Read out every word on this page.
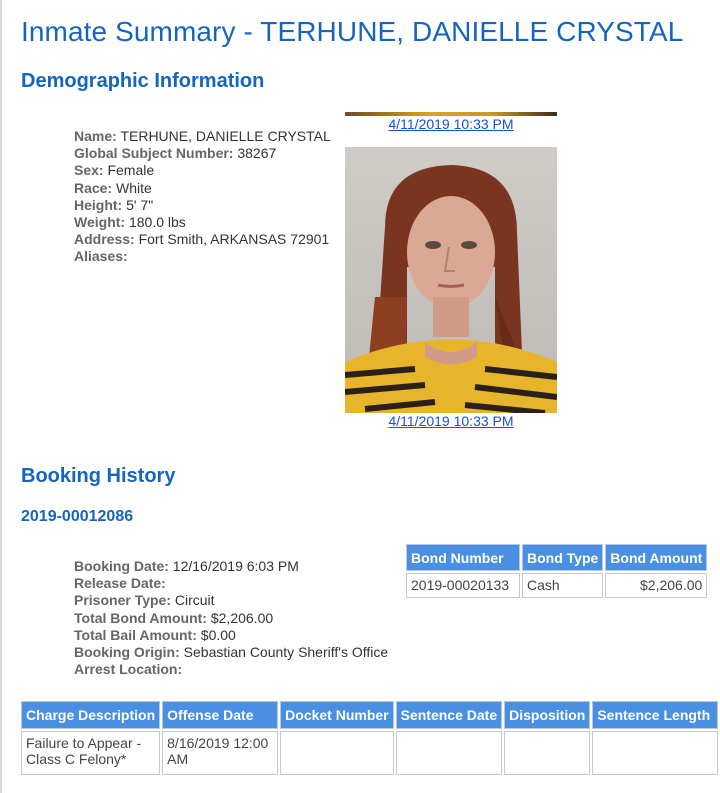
Inmate Summary - TERHUNE, DANIELLE CRYSTAL
Demographic Information
Name: TERHUNE, DANIELLE CRYSTAL
Global Subject Number: 38267
Sex: Female
Race: White
Height: 5' 7"
Weight: 180.0 lbs
Address: Fort Smith, ARKANSAS 72901
Aliases:
4/11/2019 10:33 PM
4/11/2019 10:33 PM
Booking History
2019-00012086
Booking Date: 12/16/2019 6:03 PM
Release Date:
Prisoner Type: Circuit
Total Bond Amount: $2,206.00
Total Bail Amount: $0.00
Booking Origin: Sebastian County Sheriff's Office
Arrest Location:
Bond Number	Bond Type	Bond Amount
2019-00020133	Cash	$2,206.00
Charge Description	Offense Date	Docket Number	Sentence Date	Disposition	Sentence Length
Failure to Appear - Class C Felony*	8/16/2019 12:00 AM				
